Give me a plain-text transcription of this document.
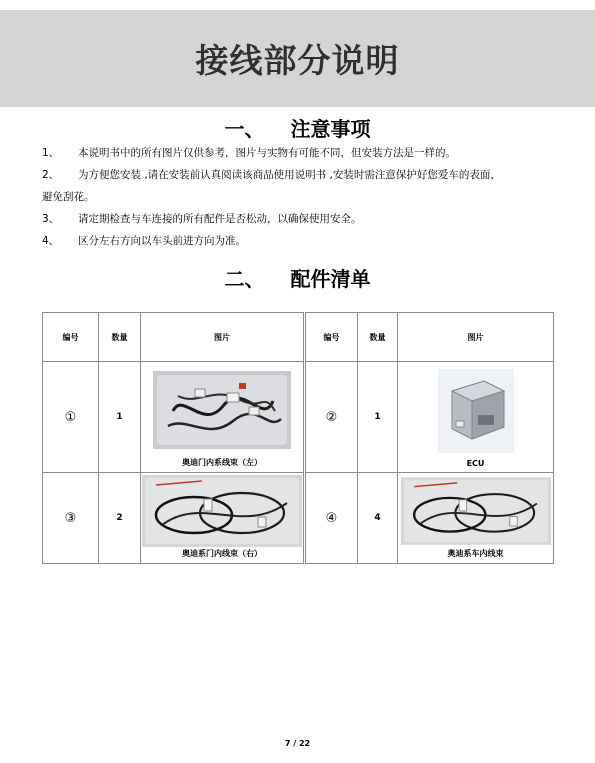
接线部分说明
一、 注意事项
1、	本说明书中的所有图片仅供参考，图片与实物有可能不同，但安装方法是一样的。
2、	为方便您安装 ,请在安装前认真阅读该商品使用说明书 ,安装时需注意保护好您爱车的表面，
避免刮花。
3、	请定期检查与车连接的所有配件是否松动，以确保使用安全。
4、	区分左右方向以车头前进方向为准。
二、 配件清单
编号	数量	图片	编号	数量	图片
①	1	奥迪门内系线束（左）	②	1	ECU

③	2	奥迪系门内线束（右）	④	4	奥迪系车内线束
7 / 22
